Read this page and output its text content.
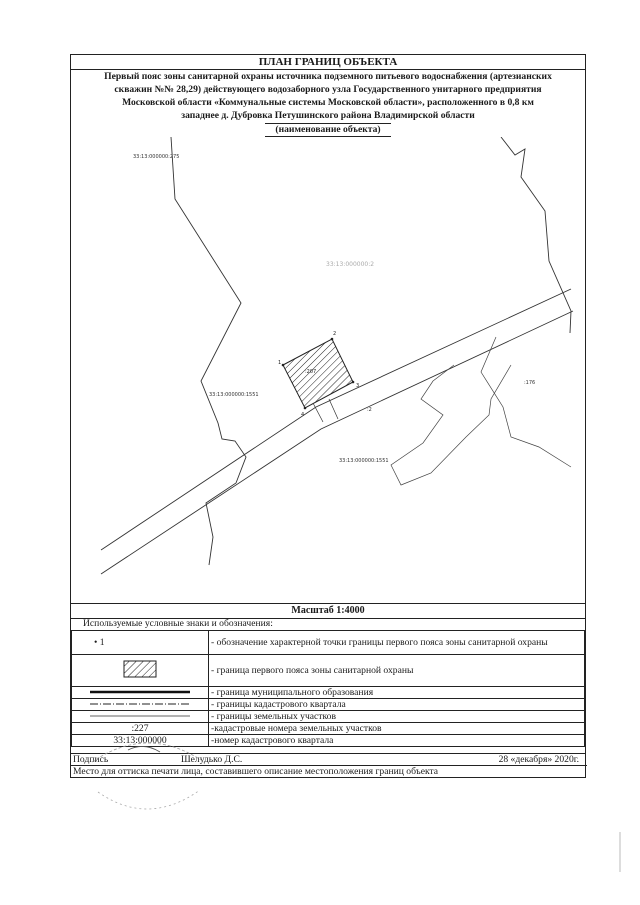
ПЛАН ГРАНИЦ ОБЪЕКТА
Первый пояс зоны санитарной охраны источника подземного питьевого водоснабжения (артезианских
скважин №№ 28,29) действующего водозаборного узла Государственного унитарного предприятия
Московской области «Коммунальные системы Московской области», расположенного в 0,8 км
западнее д. Дубровка Петушинского района Владимирской области
(наименование объекта)
33:13:000000:275
33:13:000000:2
33:13:000000:1551
33:13:000000:1551
:176
:2
:207
1
2
3
4
Масштаб 1:4000
Используемые условные знаки и обозначения:
• 1	- обозначение характерной точки границы первого пояса зоны санитарной охраны
	- граница первого пояса зоны санитарной охраны
	- граница муниципального образования
	- границы кадастрового квартала
	- границы земельных участков
:227	-кадастровые номера земельных участков
33:13:000000	-номер кадастрового квартала
Подпись	Шелудько Д.С.	28 «декабря» 2020г.
Место для оттиска печати лица, составившего описание местоположения границ объекта
